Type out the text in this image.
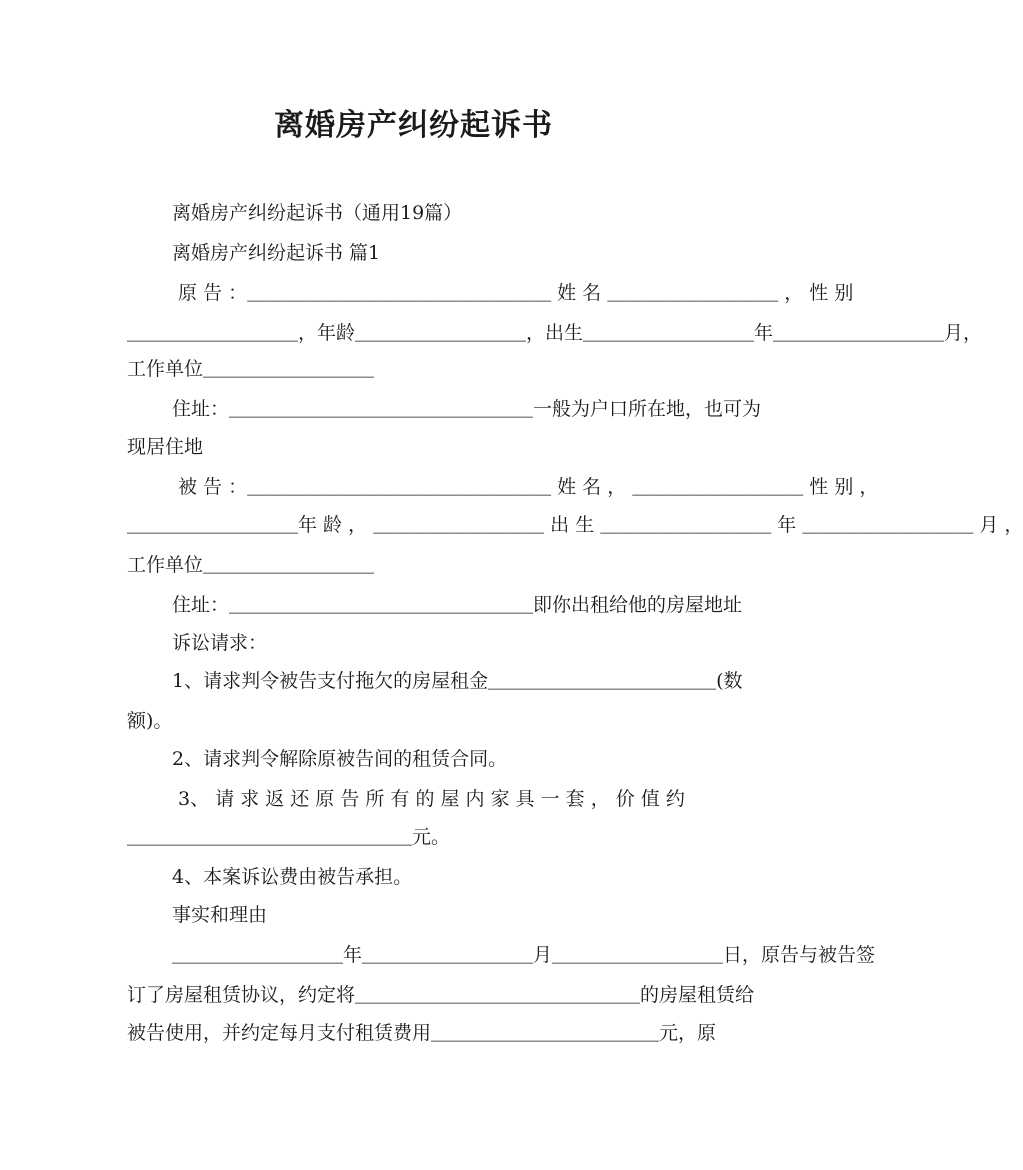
离婚房产纠纷起诉书
离婚房产纠纷起诉书（通用19篇）
离婚房产纠纷起诉书 篇1
原 告 ：＿＿＿＿＿＿＿＿＿＿＿＿＿＿＿＿ 姓 名 ＿＿＿＿＿＿＿＿＿ ， 性 别
＿＿＿＿＿＿＿＿＿，年龄＿＿＿＿＿＿＿＿＿，出生＿＿＿＿＿＿＿＿＿年＿＿＿＿＿＿＿＿＿月，
工作单位＿＿＿＿＿＿＿＿＿
住址：＿＿＿＿＿＿＿＿＿＿＿＿＿＿＿＿一般为户口所在地，也可为
现居住地
被 告 ：＿＿＿＿＿＿＿＿＿＿＿＿＿＿＿＿ 姓 名 ， ＿＿＿＿＿＿＿＿＿ 性 别 ，
＿＿＿＿＿＿＿＿＿年 龄 ， ＿＿＿＿＿＿＿＿＿ 出 生 ＿＿＿＿＿＿＿＿＿ 年 ＿＿＿＿＿＿＿＿＿ 月 ，
工作单位＿＿＿＿＿＿＿＿＿
住址：＿＿＿＿＿＿＿＿＿＿＿＿＿＿＿＿即你出租给他的房屋地址
诉讼请求：
1、请求判令被告支付拖欠的房屋租金＿＿＿＿＿＿＿＿＿＿＿＿(数
额)。
2、请求判令解除原被告间的租赁合同。
3、 请 求 返 还 原 告 所 有 的 屋 内 家 具 一 套 ， 价 值 约
＿＿＿＿＿＿＿＿＿＿＿＿＿＿＿元。
4、本案诉讼费由被告承担。
事实和理由
＿＿＿＿＿＿＿＿＿年＿＿＿＿＿＿＿＿＿月＿＿＿＿＿＿＿＿＿日，原告与被告签
订了房屋租赁协议，约定将＿＿＿＿＿＿＿＿＿＿＿＿＿＿＿的房屋租赁给
被告使用，并约定每月支付租赁费用＿＿＿＿＿＿＿＿＿＿＿＿元，原
